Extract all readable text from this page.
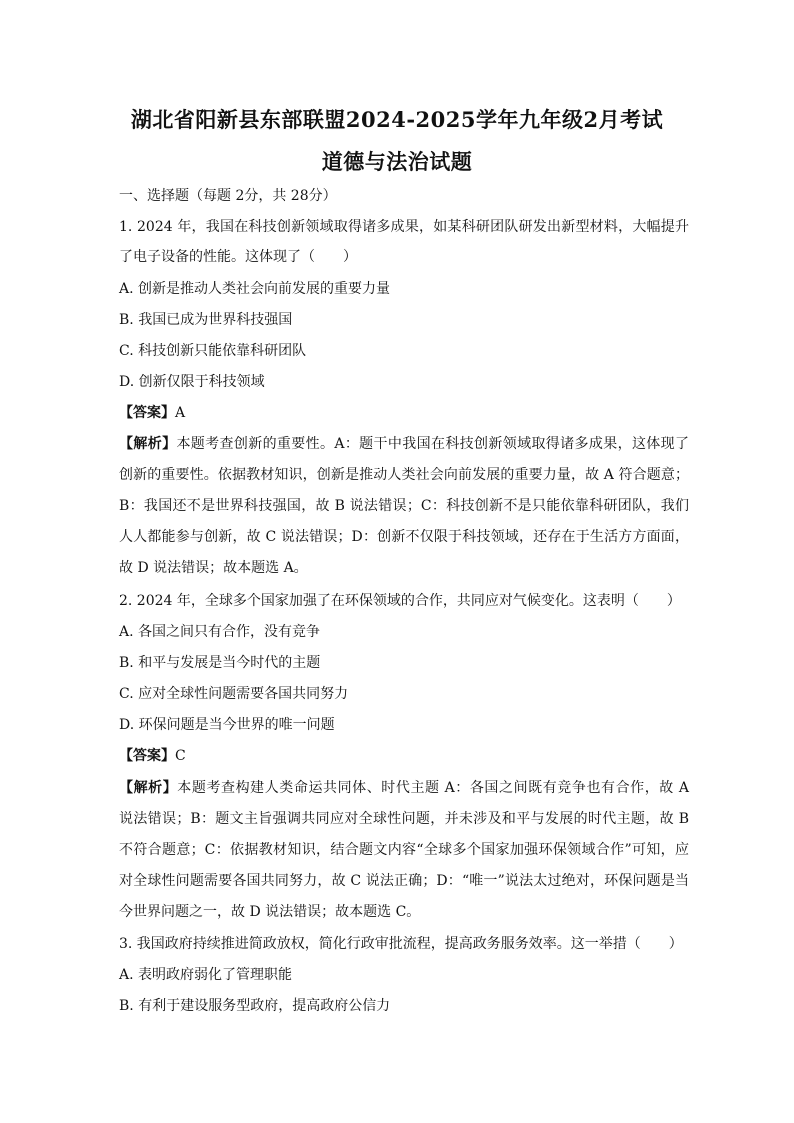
湖北省阳新县东部联盟2024-2025学年九年级2月考试
道德与法治试题
一、选择题（每题 2分，共 28分）
1. 2024 年，我国在科技创新领域取得诸多成果，如某科研团队研发出新型材料，大幅提升
了电子设备的性能。这体现了（　　）
A. 创新是推动人类社会向前发展的重要力量
B. 我国已成为世界科技强国
C. 科技创新只能依靠科研团队
D. 创新仅限于科技领域
【答案】A
【解析】本题考查创新的重要性。A：题干中我国在科技创新领域取得诸多成果，这体现了
创新的重要性。依据教材知识，创新是推动人类社会向前发展的重要力量，故 A 符合题意；
B：我国还不是世界科技强国，故 B 说法错误；C：科技创新不是只能依靠科研团队，我们
人人都能参与创新，故 C 说法错误；D：创新不仅限于科技领域，还存在于生活方方面面，
故 D 说法错误；故本题选 A。
2. 2024 年，全球多个国家加强了在环保领域的合作，共同应对气候变化。这表明（　　）
A. 各国之间只有合作，没有竞争
B. 和平与发展是当今时代的主题
C. 应对全球性问题需要各国共同努力
D. 环保问题是当今世界的唯一问题
【答案】C
【解析】本题考查构建人类命运共同体、时代主题 A：各国之间既有竞争也有合作，故 A
说法错误；B：题文主旨强调共同应对全球性问题，并未涉及和平与发展的时代主题，故 B
不符合题意；C：依据教材知识，结合题文内容“全球多个国家加强环保领域合作”可知，应
对全球性问题需要各国共同努力，故 C 说法正确；D：“唯一”说法太过绝对，环保问题是当
今世界问题之一，故 D 说法错误；故本题选 C。
3. 我国政府持续推进简政放权，简化行政审批流程，提高政务服务效率。这一举措（　　）
A. 表明政府弱化了管理职能
B. 有利于建设服务型政府，提高政府公信力
